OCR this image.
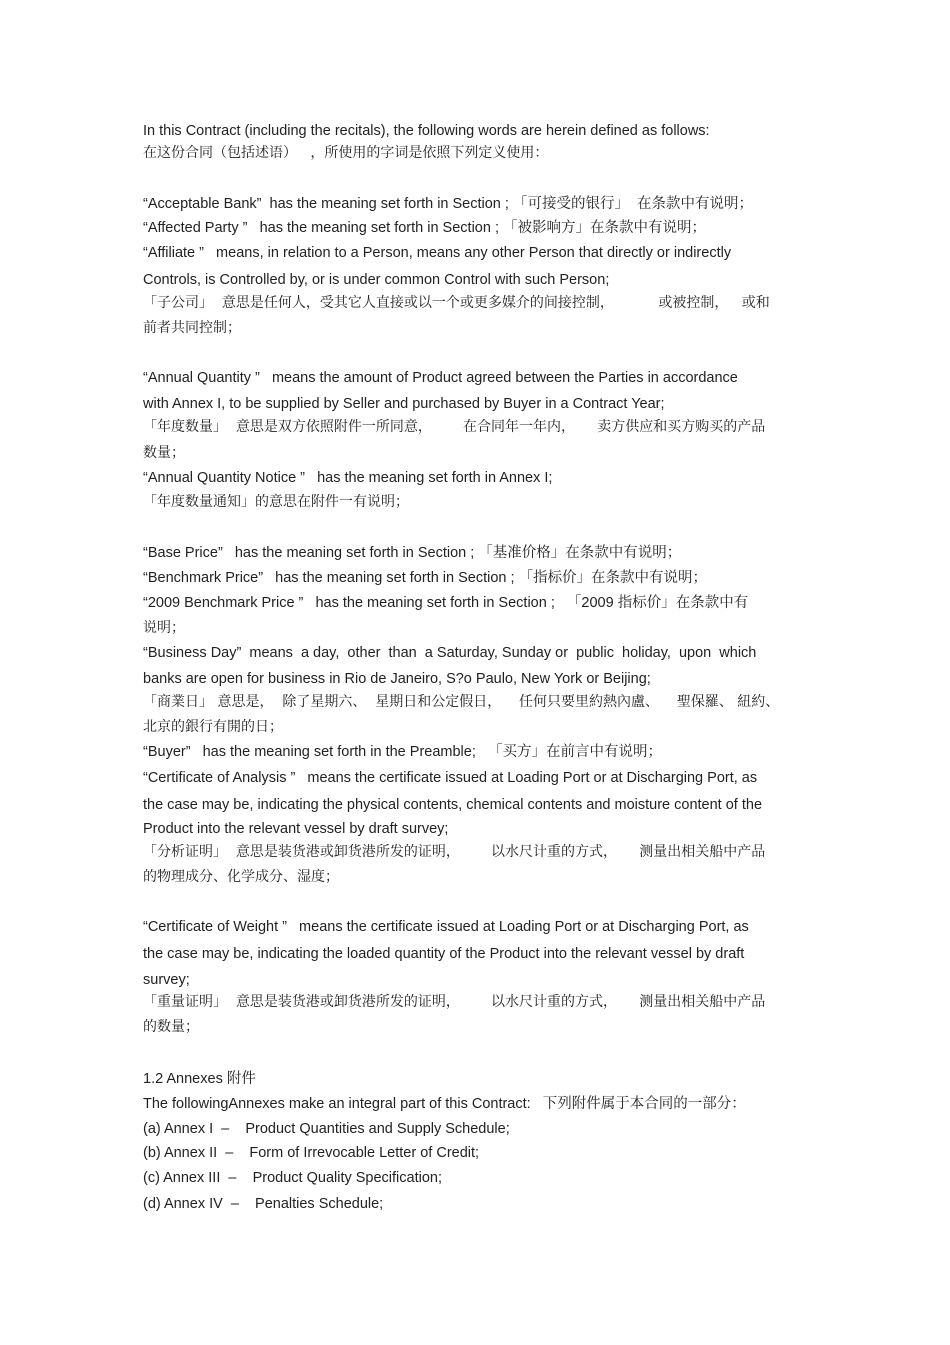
In this Contract (including the recitals), the following words are herein defined as follows:
在这份合同（包括述语）   ，所使用的字词是依照下列定义使用：
“Acceptable Bank”  has the meaning set forth in Section ; 「可接受的银行」  在条款中有说明；
“Affected Party ”   has the meaning set forth in Section ; 「被影响方」在条款中有说明；
“Affiliate ”   means, in relation to a Person, means any other Person that directly or indirectly
Controls, is Controlled by, or is under common Control with such Person;
「子公司」  意思是任何人，受其它人直接或以一个或更多媒介的间接控制，          或被控制，   或和
前者共同控制；
“Annual Quantity ”   means the amount of Product agreed between the Parties in accordance
with Annex I, to be supplied by Seller and purchased by Buyer in a Contract Year;
「年度数量」  意思是双方依照附件一所同意，       在合同年一年内，     卖方供应和买方购买的产品
数量；
“Annual Quantity Notice ”   has the meaning set forth in Annex I;
「年度数量通知」的意思在附件一有说明；
“Base Price”   has the meaning set forth in Section ; 「基准价格」在条款中有说明；
“Benchmark Price”   has the meaning set forth in Section ; 「指标价」在条款中有说明；
“2009 Benchmark Price ”   has the meaning set forth in Section ;   「2009 指标价」在条款中有
说明；
“Business Day”  means  a day,  other  than  a Saturday, Sunday or  public  holiday,  upon  which
banks are open for business in Rio de Janeiro, S?o Paulo, New York or Beijing;
「商業日」 意思是，  除了星期六、  星期日和公定假日，    任何只要里約熱內盧、    聖保羅、 紐約、
北京的銀行有開的日；
“Buyer”   has the meaning set forth in the Preamble;   「买方」在前言中有说明；
“Certificate of Analysis ”   means the certificate issued at Loading Port or at Discharging Port, as
the case may be, indicating the physical contents, chemical contents and moisture content of the
Product into the relevant vessel by draft survey;
「分析证明」  意思是装货港或卸货港所发的证明，       以水尺计重的方式，     测量出相关船中产品
的物理成分、化学成分、湿度；
“Certificate of Weight ”   means the certificate issued at Loading Port or at Discharging Port, as
the case may be, indicating the loaded quantity of the Product into the relevant vessel by draft
survey;
「重量证明」  意思是装货港或卸货港所发的证明，       以水尺计重的方式，     测量出相关船中产品
的数量；
1.2 Annexes 附件
The followingAnnexes make an integral part of this Contract:   下列附件属于本合同的一部分：
(a) Annex I  –    Product Quantities and Supply Schedule;
(b) Annex II  –    Form of Irrevocable Letter of Credit;
(c) Annex III  –    Product Quality Specification;
(d) Annex IV  –    Penalties Schedule;
